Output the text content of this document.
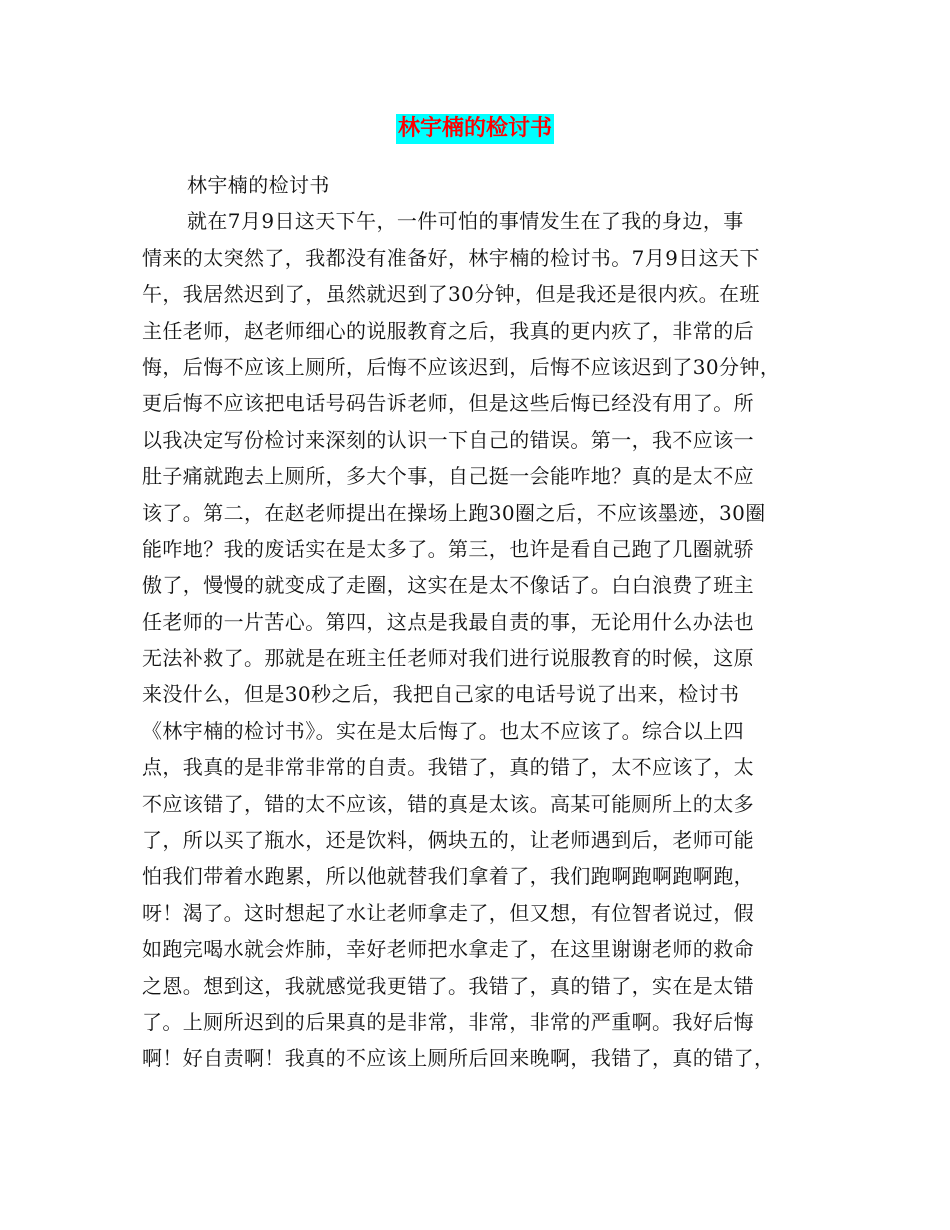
林宇楠的检讨书
林宇楠的检讨书
就在7月9日这天下午，一件可怕的事情发生在了我的身边，事
情来的太突然了，我都没有准备好，林宇楠的检讨书。7月9日这天下
午，我居然迟到了，虽然就迟到了30分钟，但是我还是很内疚。在班
主任老师，赵老师细心的说服教育之后，我真的更内疚了，非常的后
悔，后悔不应该上厕所，后悔不应该迟到，后悔不应该迟到了30分钟，
更后悔不应该把电话号码告诉老师，但是这些后悔已经没有用了。所
以我决定写份检讨来深刻的认识一下自己的错误。第一，我不应该一
肚子痛就跑去上厕所，多大个事，自己挺一会能咋地？真的是太不应
该了。第二，在赵老师提出在操场上跑30圈之后，不应该墨迹，30圈
能咋地？我的废话实在是太多了。第三，也许是看自己跑了几圈就骄
傲了，慢慢的就变成了走圈，这实在是太不像话了。白白浪费了班主
任老师的一片苦心。第四，这点是我最自责的事，无论用什么办法也
无法补救了。那就是在班主任老师对我们进行说服教育的时候，这原
来没什么，但是30秒之后，我把自己家的电话号说了出来，检讨书
《林宇楠的检讨书》。实在是太后悔了。也太不应该了。综合以上四
点，我真的是非常非常的自责。我错了，真的错了，太不应该了，太
不应该错了，错的太不应该，错的真是太该。高某可能厕所上的太多
了，所以买了瓶水，还是饮料，俩块五的，让老师遇到后，老师可能
怕我们带着水跑累，所以他就替我们拿着了，我们跑啊跑啊跑啊跑，
呀！渴了。这时想起了水让老师拿走了，但又想，有位智者说过，假
如跑完喝水就会炸肺，幸好老师把水拿走了，在这里谢谢老师的救命
之恩。想到这，我就感觉我更错了。我错了，真的错了，实在是太错
了。上厕所迟到的后果真的是非常，非常，非常的严重啊。我好后悔
啊！好自责啊！我真的不应该上厕所后回来晚啊，我错了，真的错了，
